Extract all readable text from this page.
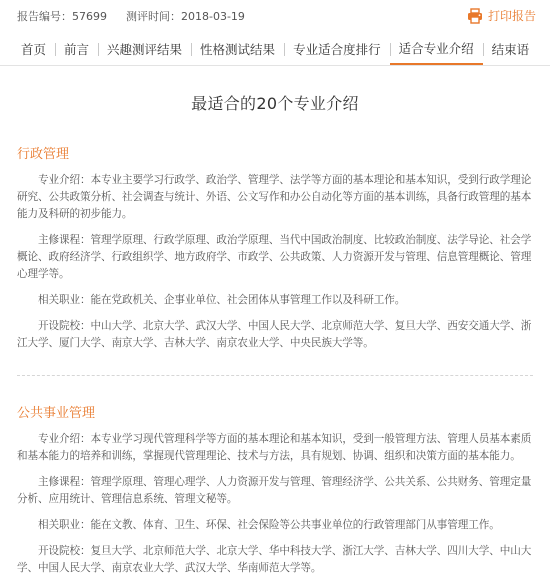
报告编号：57699	测评时间：2018-03-19	打印报告
首页	前言	兴趣测评结果	性格测试结果	专业适合度排行	适合专业介绍	结束语
最适合的20个专业介绍
行政管理

专业介绍：本专业主要学习行政学、政治学、管理学、法学等方面的基本理论和基本知识，受到行政学理论研究、公共政策分析、社会调查与统计、外语、公文写作和办公自动化等方面的基本训练，具备行政管理的基本能力及科研的初步能力。

主修课程：管理学原理、行政学原理、政治学原理、当代中国政治制度、比较政治制度、法学导论、社会学概论、政府经济学、行政组织学、地方政府学、市政学、公共政策、人力资源开发与管理、信息管理概论、管理心理学等。

相关职业：能在党政机关、企事业单位、社会团体从事管理工作以及科研工作。

开设院校：中山大学、北京大学、武汉大学、中国人民大学、北京师范大学、复旦大学、西安交通大学、浙江大学、厦门大学、南京大学、吉林大学、南京农业大学、中央民族大学等。

公共事业管理

专业介绍：本专业学习现代管理科学等方面的基本理论和基本知识，受到一般管理方法、管理人员基本素质和基本能力的培养和训练，掌握现代管理理论、技术与方法，具有规划、协调、组织和决策方面的基本能力。

主修课程：管理学原理、管理心理学、人力资源开发与管理、管理经济学、公共关系、公共财务、管理定量分析、应用统计、管理信息系统、管理文秘等。

相关职业：能在文教、体育、卫生、环保、社会保险等公共事业单位的行政管理部门从事管理工作。

开设院校：复旦大学、北京师范大学、北京大学、华中科技大学、浙江大学、吉林大学、四川大学、中山大学、中国人民大学、南京农业大学、武汉大学、华南师范大学等。
